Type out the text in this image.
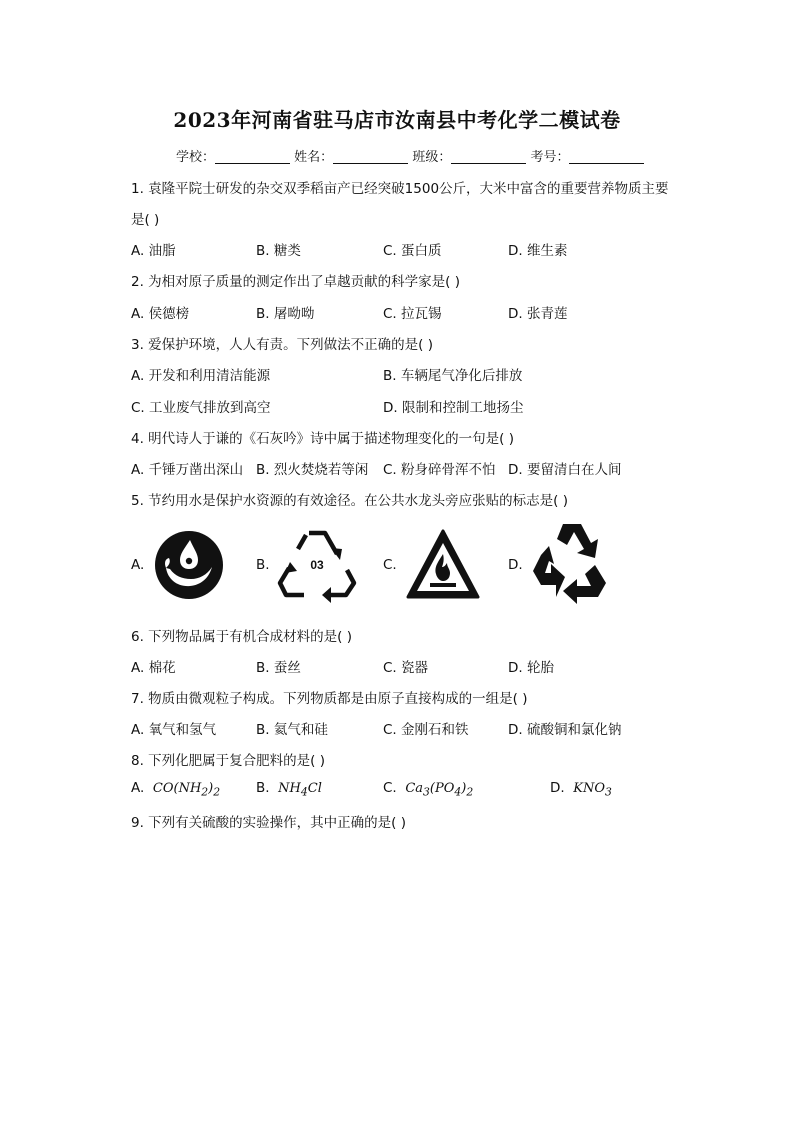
2023年河南省驻马店市汝南县中考化学二模试卷
学校：	姓名：	班级：	考号：
1. 袁隆平院士研发的杂交双季稻亩产已经突破1500公斤，大米中富含的重要营养物质主要
是( )
A. 油脂	B. 糖类	C. 蛋白质	D. 维生素
2. 为相对原子质量的测定作出了卓越贡献的科学家是( )
A. 侯德榜	B. 屠呦呦	C. 拉瓦锡	D. 张青莲
3. 爱保护环境，人人有责。下列做法不正确的是( )
A. 开发和利用清洁能源	B. 车辆尾气净化后排放
C. 工业废气排放到高空	D. 限制和控制工地扬尘
4. 明代诗人于谦的《石灰吟》诗中属于描述物理变化的一句是( )
A. 千锤万凿出深山 B. 烈火焚烧若等闲 C. 粉身碎骨浑不怕 D. 要留清白在人间
5. 节约用水是保护水资源的有效途径。在公共水龙头旁应张贴的标志是( )
A.	B.	C.	D.
03
6. 下列物品属于有机合成材料的是( )
A. 棉花	B. 蚕丝	C. 瓷器	D. 轮胎
7. 物质由微观粒子构成。下列物质都是由原子直接构成的一组是( )
A. 氧气和氢气	B. 氦气和硅	C. 金刚石和铁	D. 硫酸铜和氯化钠
8. 下列化肥属于复合肥料的是( )
A. $CO(NH_2)_2$	B. $NH_4Cl$	C. $Ca_3(PO_4)_2$	D. $KNO_3$
9. 下列有关硫酸的实验操作，其中正确的是( )
